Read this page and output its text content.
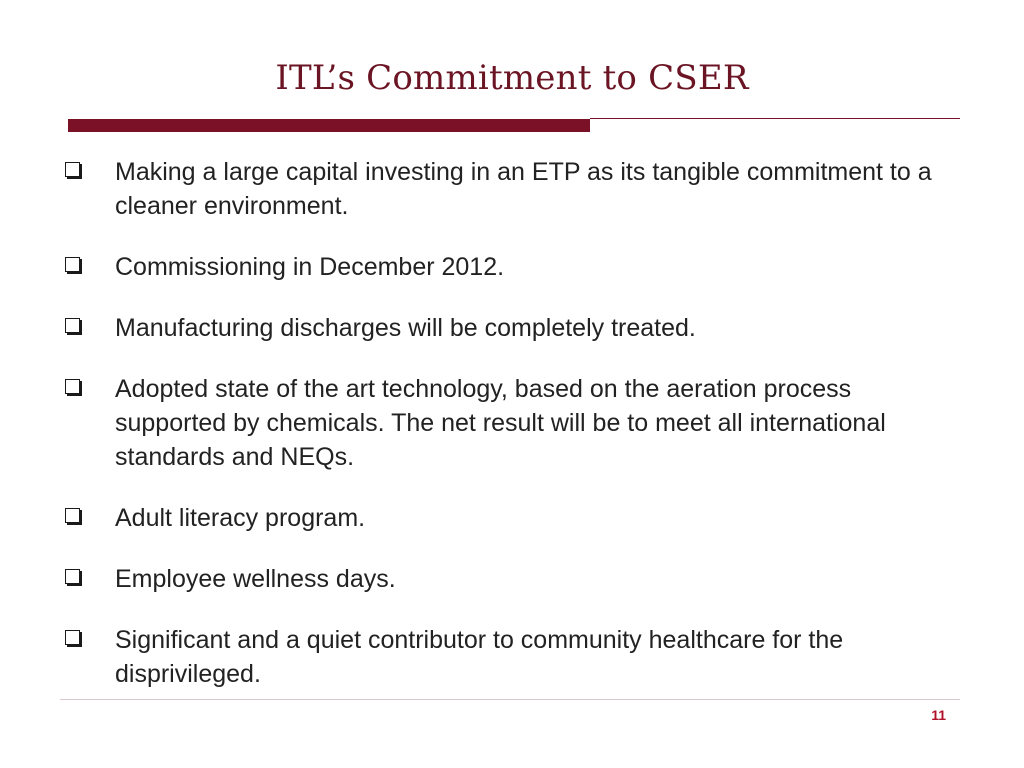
ITL’s Commitment to CSER
Making a large capital investing in an ETP as its tangible commitment to a cleaner environment.
Commissioning in December 2012.
Manufacturing discharges will be completely treated.
Adopted state of the art technology, based on the aeration process supported by chemicals. The net result will be to meet all international standards and NEQs.
Adult literacy program.
Employee wellness days.
Significant and a quiet contributor to community healthcare for the disprivileged.
11
